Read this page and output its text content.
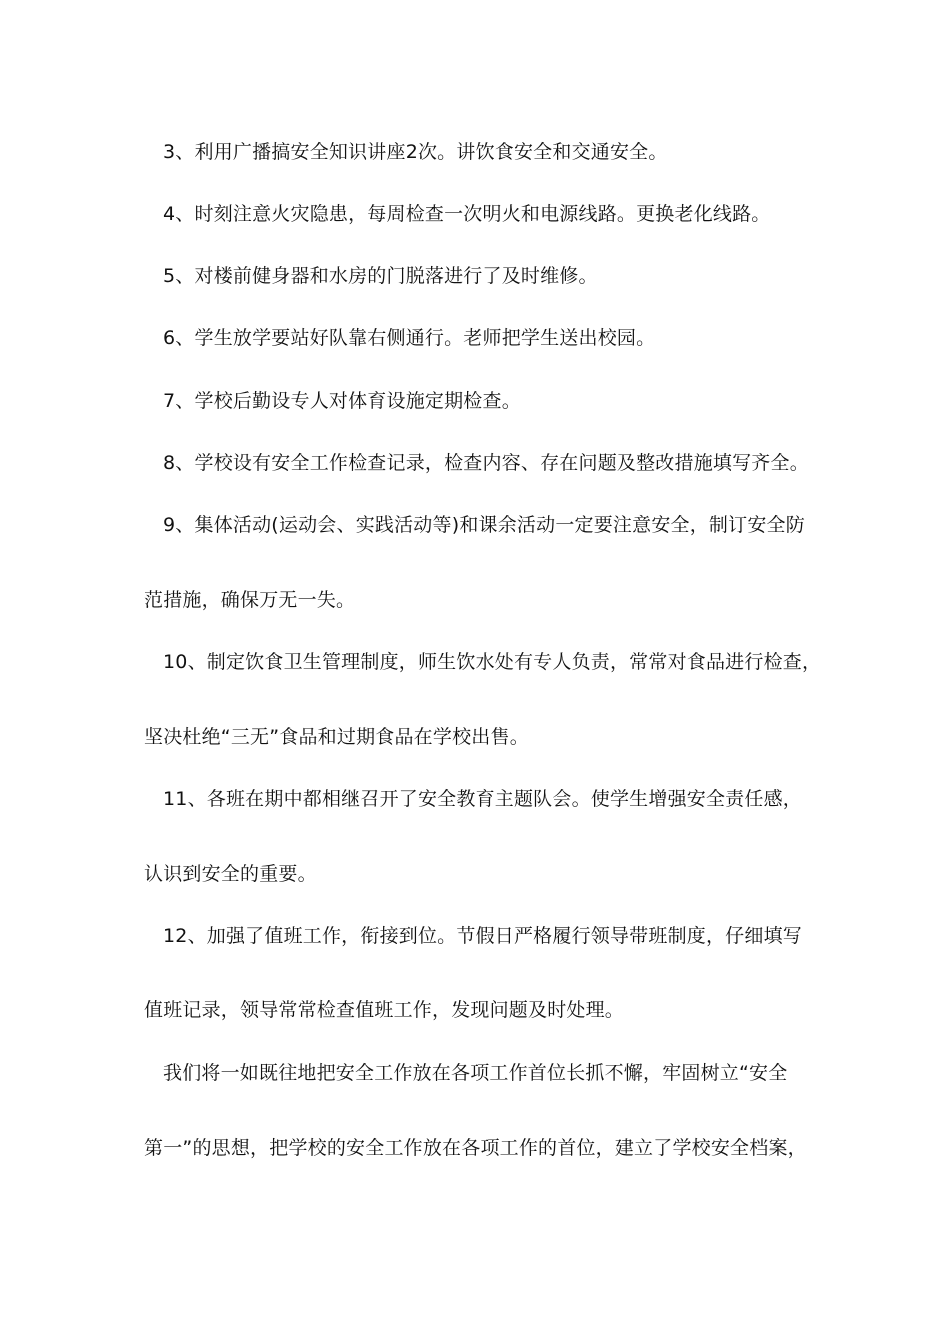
3、利用广播搞安全知识讲座2次。讲饮食安全和交通安全。
4、时刻注意火灾隐患，每周检查一次明火和电源线路。更换老化线路。
5、对楼前健身器和水房的门脱落进行了及时维修。
6、学生放学要站好队靠右侧通行。老师把学生送出校园。
7、学校后勤设专人对体育设施定期检查。
8、学校设有安全工作检查记录，检查内容、存在问题及整改措施填写齐全。
9、集体活动(运动会、实践活动等)和课余活动一定要注意安全，制订安全防
范措施，确保万无一失。
10、制定饮食卫生管理制度，师生饮水处有专人负责，常常对食品进行检查，
坚决杜绝“三无”食品和过期食品在学校出售。
11、各班在期中都相继召开了安全教育主题队会。使学生增强安全责任感，
认识到安全的重要。
12、加强了值班工作，衔接到位。节假日严格履行领导带班制度，仔细填写
值班记录，领导常常检查值班工作，发现问题及时处理。
我们将一如既往地把安全工作放在各项工作首位长抓不懈，牢固树立“安全
第一”的思想，把学校的安全工作放在各项工作的首位，建立了学校安全档案，
